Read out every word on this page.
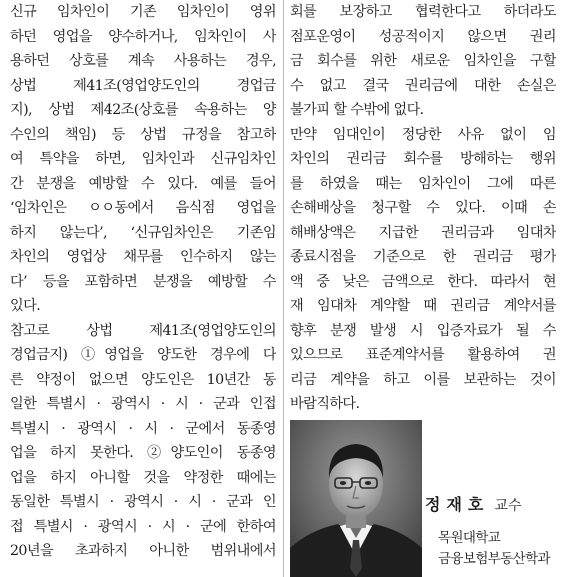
신규 임차인이 기존 임차인이 영위
하던 영업을 양수하거나, 임차인이 사
용하던 상호를 계속 사용하는 경우,
상법 제41조(영업양도인의 경업금
지), 상법 제42조(상호를 속용하는 양
수인의 책임) 등 상법 규정을 참고하
여 특약을 하면, 임차인과 신규임차인
간 분쟁을 예방할 수 있다. 예를 들어
‘임차인은 ㅇㅇ동에서 음식점 영업을
하지 않는다’, ‘신규임차인은 기존임
차인의 영업상 채무를 인수하지 않는
다’ 등을 포함하면 분쟁을 예방할 수
있다.
참고로 상법 제41조(영업양도인의
경업금지) ①영업을 양도한 경우에 다
른 약정이 없으면 양도인은 10년간 동
일한 특별시 · 광역시 · 시 · 군과 인접
특별시 · 광역시 · 시 · 군에서 동종영
업을 하지 못한다. ②양도인이 동종영
업을 하지 아니할 것을 약정한 때에는
동일한 특별시 · 광역시 · 시 · 군과 인
접 특별시 · 광역시 · 시 · 군에 한하여
20년을 초과하지 아니한 범위내에서
회를 보장하고 협력한다고 하더라도
점포운영이 성공적이지 않으면 권리
금 회수를 위한 새로운 임차인을 구할
수 없고 결국 권리금에 대한 손실은
불가피 할 수밖에 없다.
만약 임대인이 정당한 사유 없이 임
차인의 권리금 회수를 방해하는 행위
를 하였을 때는 임차인이 그에 따른
손해배상을 청구할 수 있다. 이때 손
해배상액은 지급한 권리금과 임대차
종료시점을 기준으로 한 권리금 평가
액 중 낮은 금액으로 한다. 따라서 현
재 임대차 계약할 때 권리금 계약서를
향후 분쟁 발생 시 입증자료가 될 수
있으므로 표준계약서를 활용하여 권
리금 계약을 하고 이를 보관하는 것이
바람직하다.
정재호 교수
목원대학교
금융보험부동산학과
